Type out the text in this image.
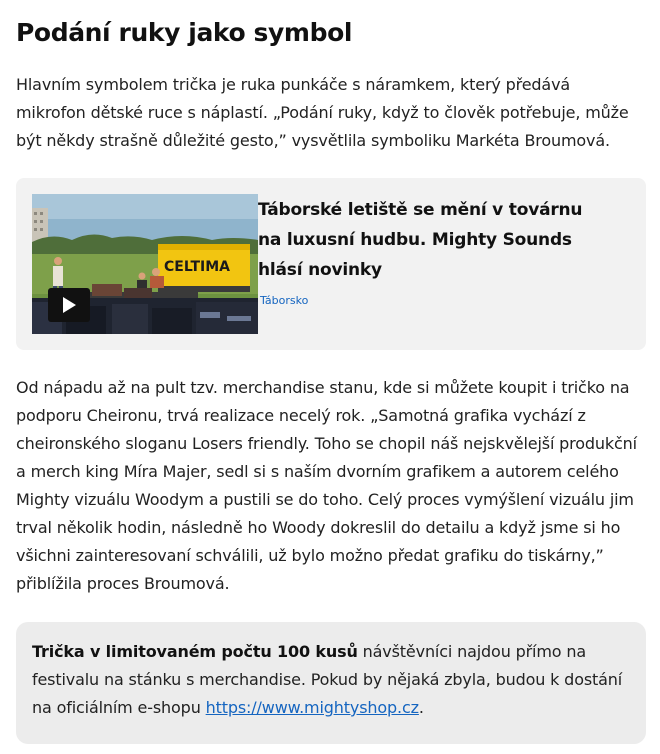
Podání ruky jako symbol

Hlavním symbolem trička je ruka punkáče s náramkem, který předává mikrofon dětské ruce s náplastí. „Podání ruky, když to člověk potřebuje, může být někdy strašně důležité gesto,” vysvětlila symboliku Markéta Broumová.

CELTIMA
Táborské letiště se mění v továrnu na luxusní hudbu. Mighty Sounds hlásí novinky
Táborsko

Od nápadu až na pult tzv. merchandise stanu, kde si můžete koupit i tričko na podporu Cheironu, trvá realizace necelý rok. „Samotná grafika vychází z cheironského sloganu Losers friendly. Toho se chopil náš nejskvělejší produkční a merch king Míra Majer, sedl si s naším dvorním grafikem a autorem celého Mighty vizuálu Woodym a pustili se do toho. Celý proces vymýšlení vizuálu jim trval několik hodin, následně ho Woody dokreslil do detailu a když jsme si ho všichni zainteresovaní schválili, už bylo možno předat grafiku do tiskárny,” přiblížila proces Broumová.

Trička v limitovaném počtu 100 kusů návštěvníci najdou přímo na festivalu na stánku s merchandise. Pokud by nějaká zbyla, budou k dostání na oficiálním e-shopu https://www.mightyshop.cz.
